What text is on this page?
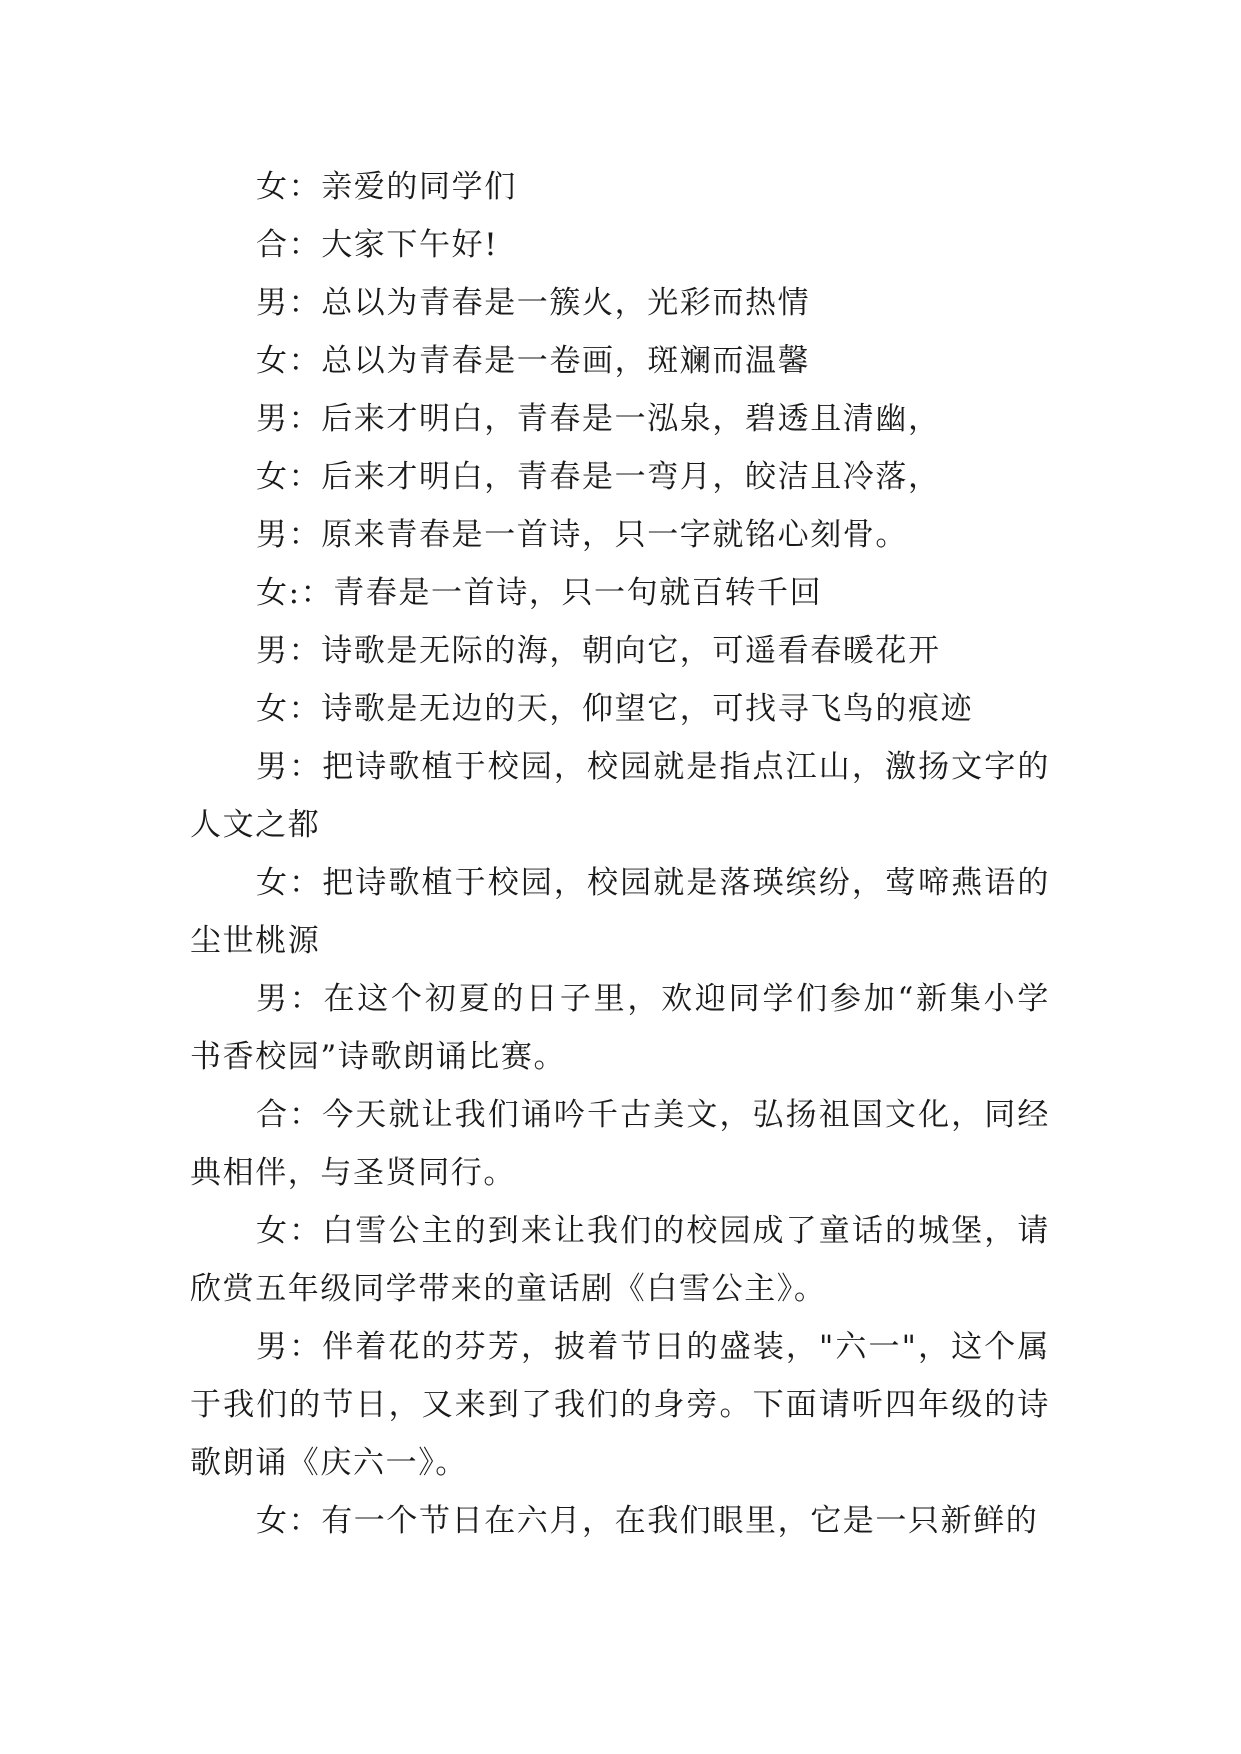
女：亲爱的同学们

合：大家下午好!

男：总以为青春是一簇火，光彩而热情

女：总以为青春是一卷画，斑斓而温馨

男：后来才明白，青春是一泓泉，碧透且清幽，

女：后来才明白，青春是一弯月，皎洁且冷落，

男：原来青春是一首诗，只一字就铭心刻骨。

女:：青春是一首诗，只一句就百转千回

男：诗歌是无际的海，朝向它，可遥看春暖花开

女：诗歌是无边的天，仰望它，可找寻飞鸟的痕迹

男：把诗歌植于校园，校园就是指点江山，激扬文字的人文之都

女：把诗歌植于校园，校园就是落瑛缤纷，莺啼燕语的尘世桃源

男：在这个初夏的日子里，欢迎同学们参加“新集小学书香校园”诗歌朗诵比赛。

合：今天就让我们诵吟千古美文，弘扬祖国文化，同经典相伴，与圣贤同行。

女：白雪公主的到来让我们的校园成了童话的城堡，请欣赏五年级同学带来的童话剧《白雪公主》。

男：伴着花的芬芳，披着节日的盛装，"六一"，这个属于我们的节日，又来到了我们的身旁。下面请听四年级的诗歌朗诵《庆六一》。

女：有一个节日在六月，在我们眼里，它是一只新鲜的
